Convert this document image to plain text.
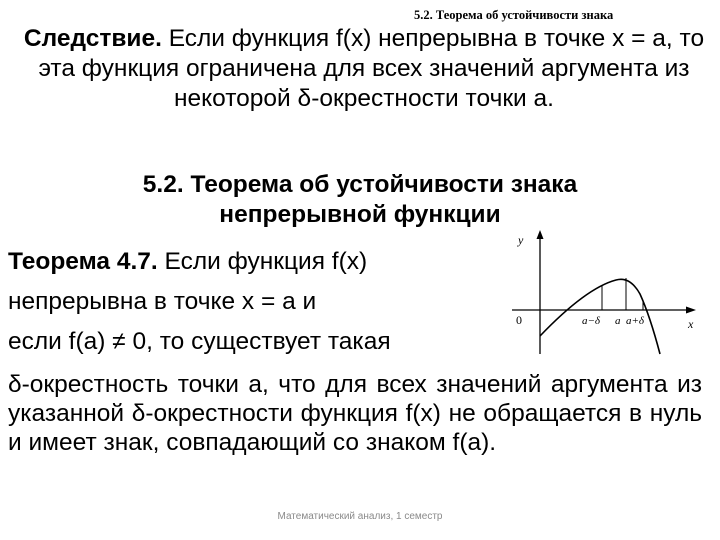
5.2. Теорема об устойчивости знака
Следствие. Если функция f(x) непрерывна в точке x = a, то эта функция ограничена для всех значений аргумента из некоторой δ-окрестности точки a.
5.2. Теорема об устойчивости знака непрерывной функции
Теорема 4.7. Если функция f(x)
непрерывна в точке x = a и
если f(a) ≠ 0, то существует такая
δ-окрестность точки a, что для всех значений аргумента из указанной δ-окрестности функция f(x) не обращается в нуль и имеет знак, совпадающий со знаком f(a).
y
x
0	a−δ a a+δ
Математический анализ, 1 семестр
